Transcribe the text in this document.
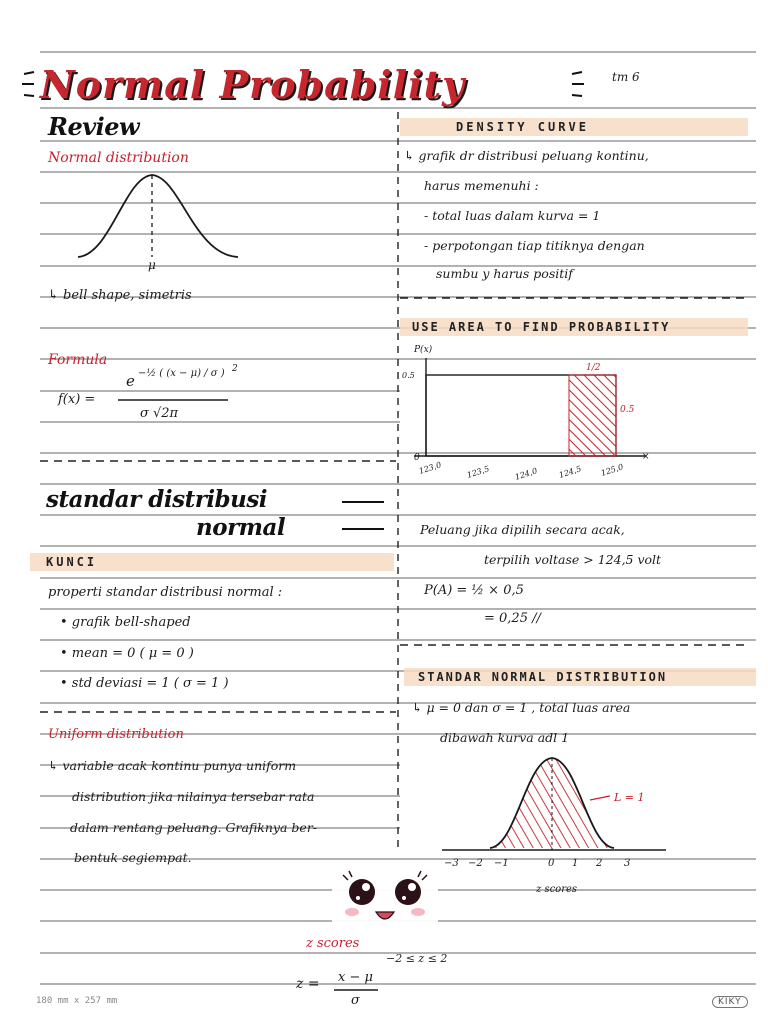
Normal Probability	tm 6
Review
Normal distribution
μ
↳ bell shape, simetris
Formula
f(x) =
e −½ ( (x − μ) / σ ) 2
σ √2π
standar distribusi
normal
KUNCI
properti standar distribusi normal :
• grafik bell-shaped
• mean = 0 ( μ = 0 )
• std deviasi = 1 ( σ = 1 )
Uniform distribution
↳ variable acak kontinu punya uniform
distribution jika nilainya tersebar rata
dalam rentang peluang. Grafiknya ber-
bentuk segiempat.
DENSITY CURVE
↳ grafik dr distribusi peluang kontinu,
harus memenuhi :
- total luas dalam kurva = 1
- perpotongan tiap titiknya dengan
sumbu y harus positif
USE AREA TO FIND PROBABILITY
P(x)
×
0.5
0
1/2
0.5
123,0	123,5	124,0 124,5 125,0
Peluang jika dipilih secara acak,
terpilih voltase > 124,5 volt
P(A) = ½ × 0,5
= 0,25 //
STANDAR NORMAL DISTRIBUTION
↳ μ = 0 dan σ = 1 , total luas area
dibawah kurva adl 1
L = 1
−3 −2 −1	0 1 2 3
z scores
z scores
−2 ≤ z ≤ 2
z = x − μ
σ
180 mm x 257 mm	KIKY
